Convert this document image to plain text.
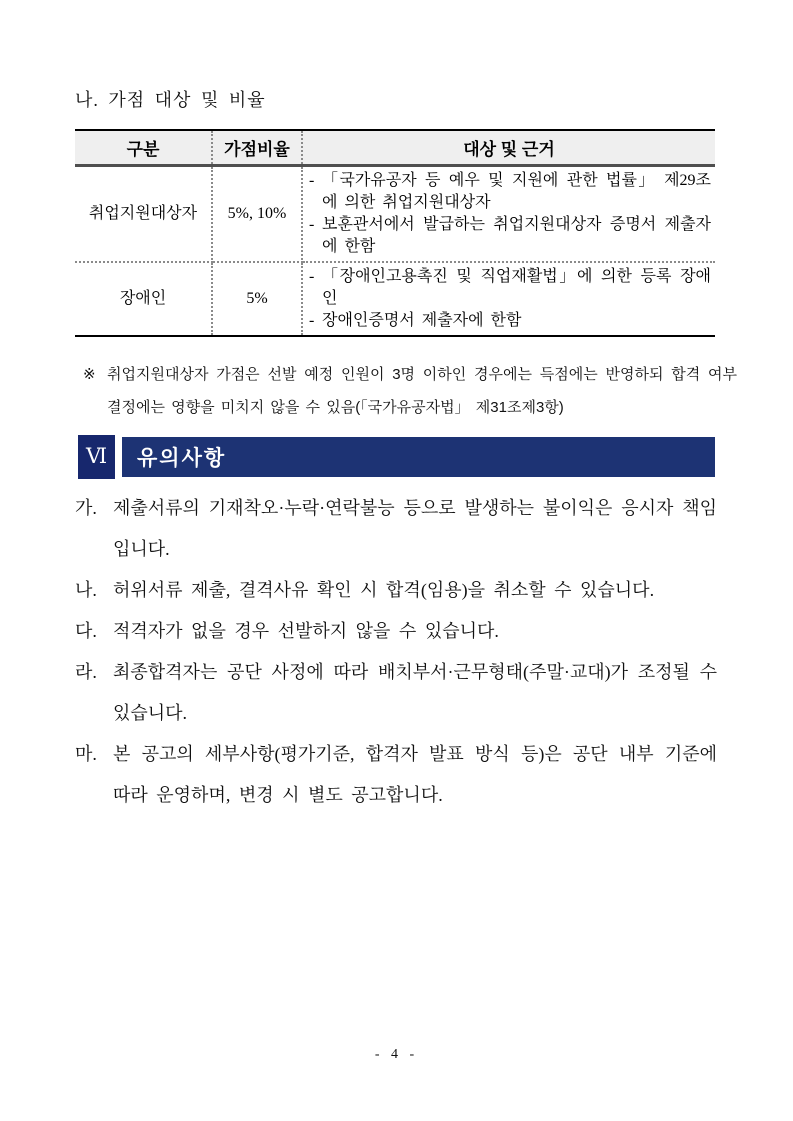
나. 가점 대상 및 비율
구분	가점비율	대상 및 근거
취업지원대상자	5%, 10%	- 「국가유공자 등 예우 및 지원에 관한 법률」 제29조에 의한 취업지원대상자
- 보훈관서에서 발급하는 취업지원대상자 증명서 제출자에 한함

장애인	5%	- 「장애인고용촉진 및 직업재활법」에 의한 등록 장애인
- 장애인증명서 제출자에 한함
※ 취업지원대상자 가점은 선발 예정 인원이 3명 이하인 경우에는 득점에는 반영하되 합격 여부 결정에는 영향을 미치지 않을 수 있음(「국가유공자법」 제31조제3항)
Ⅵ 유의사항
가. 제출서류의 기재착오·누락·연락불능 등으로 발생하는 불이익은 응시자 책임입니다.
나. 허위서류 제출, 결격사유 확인 시 합격(임용)을 취소할 수 있습니다.
다. 적격자가 없을 경우 선발하지 않을 수 있습니다.
라. 최종합격자는 공단 사정에 따라 배치부서·근무형태(주말·교대)가 조정될 수 있습니다.
마. 본 공고의 세부사항(평가기준, 합격자 발표 방식 등)은 공단 내부 기준에 따라 운영하며, 변경 시 별도 공고합니다.
- 4 -
